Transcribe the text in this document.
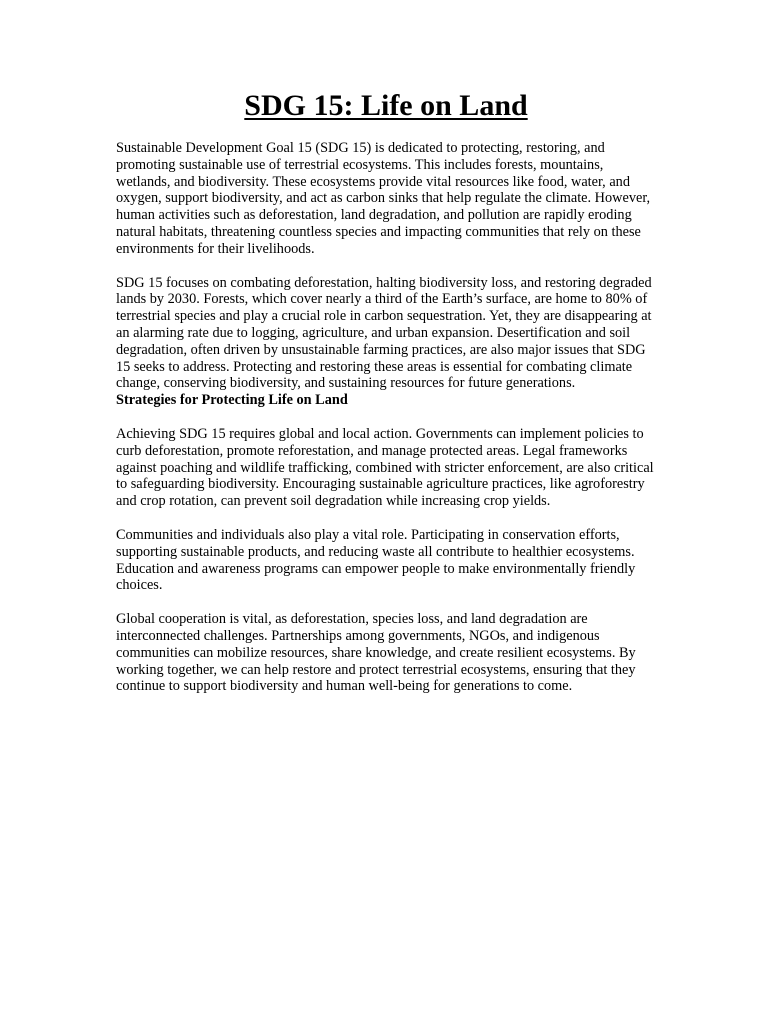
SDG 15: Life on Land

Sustainable Development Goal 15 (SDG 15) is dedicated to protecting, restoring, and promoting sustainable use of terrestrial ecosystems. This includes forests, mountains, wetlands, and biodiversity. These ecosystems provide vital resources like food, water, and oxygen, support biodiversity, and act as carbon sinks that help regulate the climate. However, human activities such as deforestation, land degradation, and pollution are rapidly eroding natural habitats, threatening countless species and impacting communities that rely on these environments for their livelihoods.

SDG 15 focuses on combating deforestation, halting biodiversity loss, and restoring degraded lands by 2030. Forests, which cover nearly a third of the Earth’s surface, are home to 80% of terrestrial species and play a crucial role in carbon sequestration. Yet, they are disappearing at an alarming rate due to logging, agriculture, and urban expansion. Desertification and soil degradation, often driven by unsustainable farming practices, are also major issues that SDG 15 seeks to address. Protecting and restoring these areas is essential for combating climate change, conserving biodiversity, and sustaining resources for future generations.

Strategies for Protecting Life on Land

Achieving SDG 15 requires global and local action. Governments can implement policies to curb deforestation, promote reforestation, and manage protected areas. Legal frameworks against poaching and wildlife trafficking, combined with stricter enforcement, are also critical to safeguarding biodiversity. Encouraging sustainable agriculture practices, like agroforestry and crop rotation, can prevent soil degradation while increasing crop yields.

Communities and individuals also play a vital role. Participating in conservation efforts, supporting sustainable products, and reducing waste all contribute to healthier ecosystems. Education and awareness programs can empower people to make environmentally friendly choices.

Global cooperation is vital, as deforestation, species loss, and land degradation are interconnected challenges. Partnerships among governments, NGOs, and indigenous communities can mobilize resources, share knowledge, and create resilient ecosystems. By working together, we can help restore and protect terrestrial ecosystems, ensuring that they continue to support biodiversity and human well-being for generations to come.
